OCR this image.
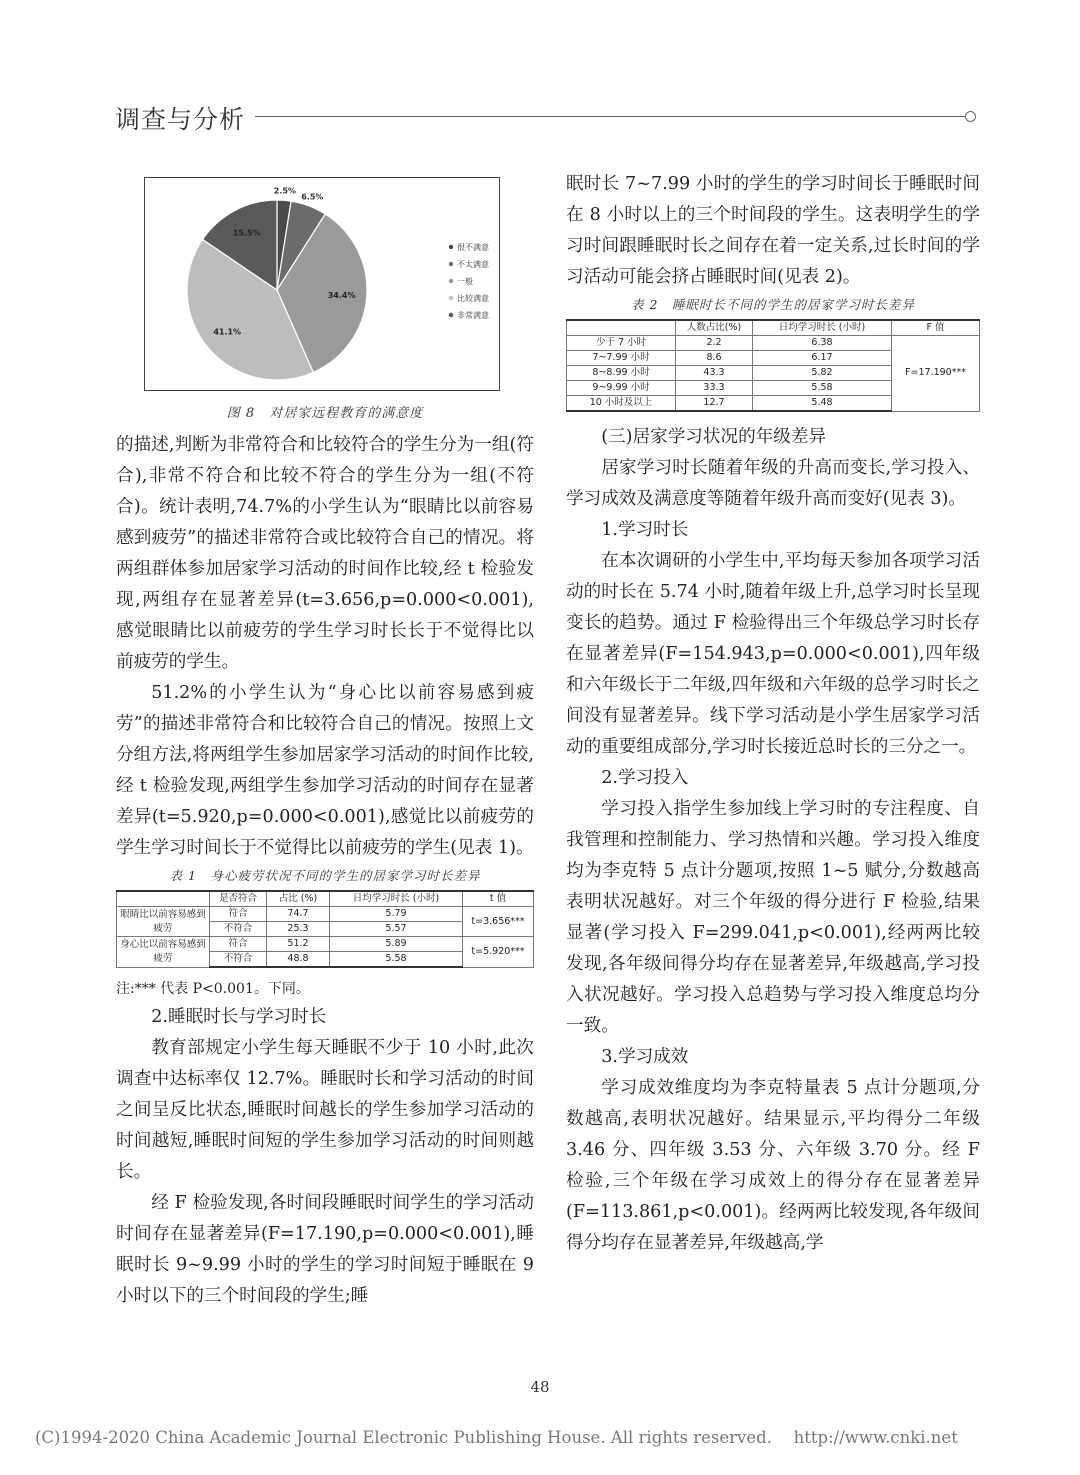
调查与分析
2.5%
6.5%
34.4%
41.1%
15.5%
很不满意
不太满意
一般
比较满意
非常满意
图 8　对居家远程教育的满意度

的描述,判断为非常符合和比较符合的学生分为一组(符合),非常不符合和比较不符合的学生分为一组(不符合)。统计表明,74.7%的小学生认为“眼睛比以前容易感到疲劳”的描述非常符合或比较符合自己的情况。将两组群体参加居家学习活动的时间作比较,经 t 检验发现,两组存在显著差异(t=3.656,p=0.000<0.001),感觉眼睛比以前疲劳的学生学习时长长于不觉得比以前疲劳的学生。

51.2%的小学生认为“身心比以前容易感到疲劳”的描述非常符合和比较符合自己的情况。按照上文分组方法,将两组学生参加居家学习活动的时间作比较,经 t 检验发现,两组学生参加学习活动的时间存在显著差异(t=5.920,p=0.000<0.001),感觉比以前疲劳的学生学习时间长于不觉得比以前疲劳的学生(见表 1)。

表 1　身心疲劳状况不同的学生的居家学习时长差异
	是否符合	占比 (%)	日均学习时长 (小时)	t 值
眼睛比以前容易感到疲劳	符合	74.7	5.79	t=3.656***
	不符合	25.3	5.57	
身心比以前容易感到疲劳	符合	51.2	5.89	t=5.920***
	不符合	48.8	5.58	
注:*** 代表 P<0.001。下同。

2.睡眠时长与学习时长

教育部规定小学生每天睡眠不少于 10 小时,此次调查中达标率仅 12.7%。睡眠时长和学习活动的时间之间呈反比状态,睡眠时间越长的学生参加学习活动的时间越短,睡眠时间短的学生参加学习活动的时间则越长。

经 F 检验发现,各时间段睡眠时间学生的学习活动时间存在显著差异(F=17.190,p=0.000<0.001),睡眠时长 9~9.99 小时的学生的学习时间短于睡眠在 9 小时以下的三个时间段的学生;睡

眠时长 7~7.99 小时的学生的学习时间长于睡眠时间在 8 小时以上的三个时间段的学生。这表明学生的学习时间跟睡眠时长之间存在着一定关系,过长时间的学习活动可能会挤占睡眠时间(见表 2)。

表 2　睡眠时长不同的学生的居家学习时长差异
	人数占比(%)	日均学习时长 (小时)	F 值
少于 7 小时	2.2	6.38	F=17.190***
7~7.99 小时	8.6	6.17	
8~8.99 小时	43.3	5.82	
9~9.99 小时	33.3	5.58	
10 小时及以上	12.7	5.48	

(三)居家学习状况的年级差异

居家学习时长随着年级的升高而变长,学习投入、学习成效及满意度等随着年级升高而变好(见表 3)。

1.学习时长

在本次调研的小学生中,平均每天参加各项学习活动的时长在 5.74 小时,随着年级上升,总学习时长呈现变长的趋势。通过 F 检验得出三个年级总学习时长存在显著差异(F=154.943,p=0.000<0.001),四年级和六年级长于二年级,四年级和六年级的总学习时长之间没有显著差异。线下学习活动是小学生居家学习活动的重要组成部分,学习时长接近总时长的三分之一。

2.学习投入

学习投入指学生参加线上学习时的专注程度、自我管理和控制能力、学习热情和兴趣。学习投入维度均为李克特 5 点计分题项,按照 1~5 赋分,分数越高表明状况越好。对三个年级的得分进行 F 检验,结果显著(学习投入 F=299.041,p<0.001),经两两比较发现,各年级间得分均存在显著差异,年级越高,学习投入状况越好。学习投入总趋势与学习投入维度总均分一致。

3.学习成效

学习成效维度均为李克特量表 5 点计分题项,分数越高,表明状况越好。结果显示,平均得分二年级 3.46 分、四年级 3.53 分、六年级 3.70 分。经 F 检验,三个年级在学习成效上的得分存在显著差异(F=113.861,p<0.001)。经两两比较发现,各年级间得分均存在显著差异,年级越高,学

48
(C)1994-2020 China Academic Journal Electronic Publishing House. All rights reserved.　 http://www.cnki.net
